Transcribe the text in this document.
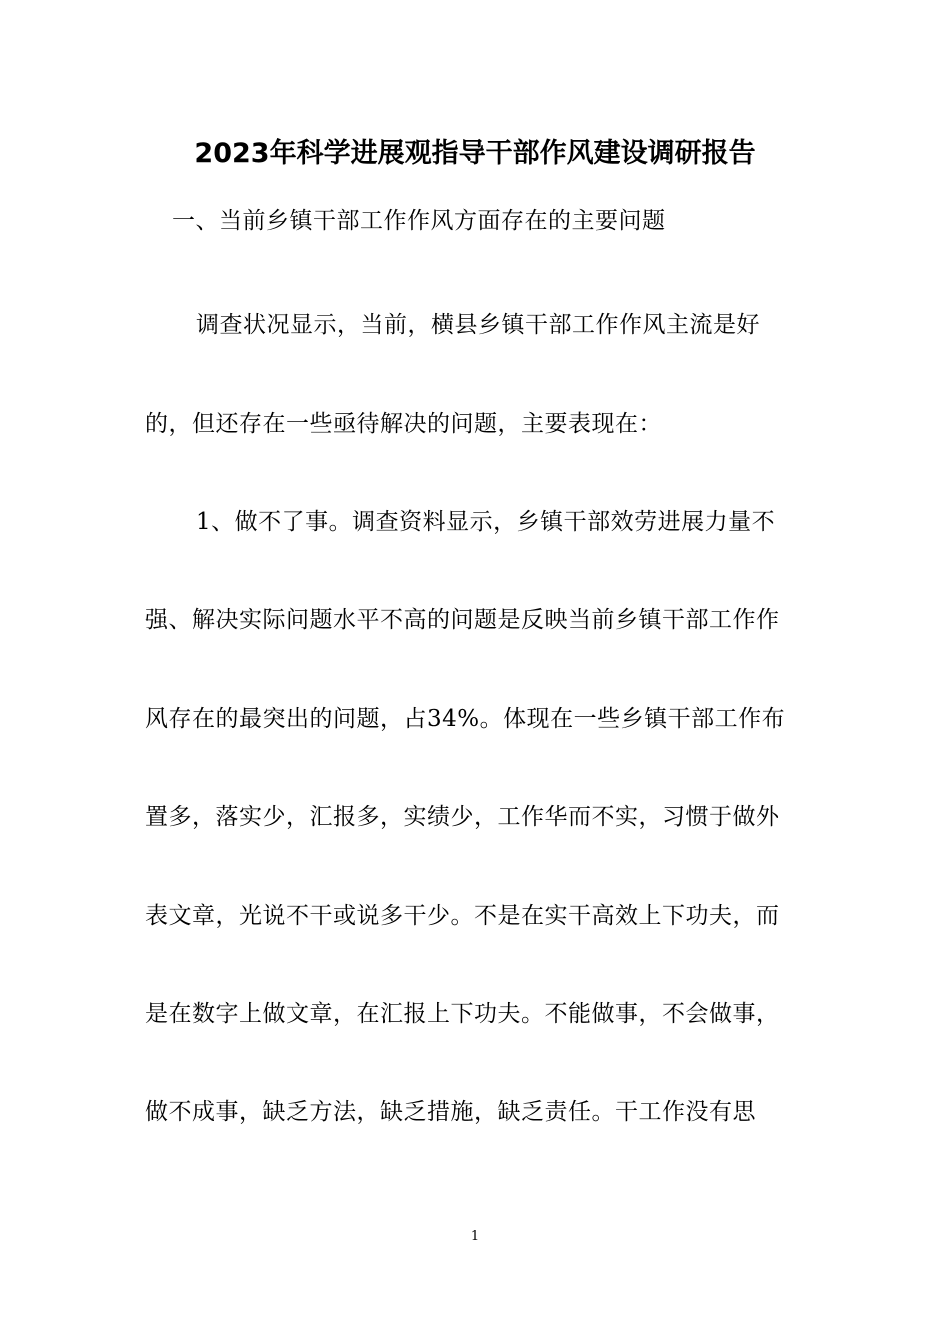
2023年科学进展观指导干部作风建设调研报告
一、当前乡镇干部工作作风方面存在的主要问题
调查状况显示，当前，横县乡镇干部工作作风主流是好
的，但还存在一些亟待解决的问题，主要表现在：
1、做不了事。调查资料显示，乡镇干部效劳进展力量不
强、解决实际问题水平不高的问题是反映当前乡镇干部工作作
风存在的最突出的问题，占34%。体现在一些乡镇干部工作布
置多，落实少，汇报多，实绩少，工作华而不实，习惯于做外
表文章，光说不干或说多干少。不是在实干高效上下功夫，而
是在数字上做文章，在汇报上下功夫。不能做事，不会做事，
做不成事，缺乏方法，缺乏措施，缺乏责任。干工作没有思
1
